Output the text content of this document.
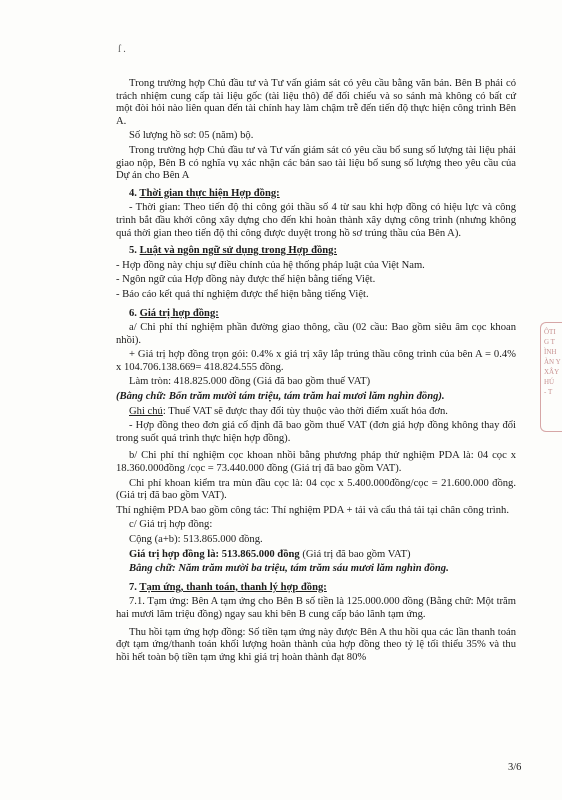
ſ .

Trong trường hợp Chủ đầu tư và Tư vấn giám sát có yêu cầu bằng văn bản. Bên B phải có trách nhiệm cung cấp tài liệu gốc (tài liệu thô) để đối chiếu và so sánh mà không có bất cứ một đòi hỏi nào liên quan đến tài chính hay làm chậm trễ đến tiến độ thực hiện công trình Bên A.

Số lượng hồ sơ: 05 (năm) bộ.

Trong trường hợp Chủ đầu tư và Tư vấn giám sát có yêu cầu bổ sung số lượng tài liệu phải giao nộp, Bên B có nghĩa vụ xác nhận các bản sao tài liệu bổ sung số lượng theo yêu cầu của Dự án cho Bên A

4. Thời gian thực hiện Hợp đồng:

- Thời gian: Theo tiến độ thi công gói thầu số 4 từ sau khi hợp đồng có hiệu lực và công trình bắt đầu khởi công xây dựng cho đến khi hoàn thành xây dựng công trình (nhưng không quá thời gian theo tiến độ thi công được duyệt trong hồ sơ trúng thầu của Bên A).

5. Luật và ngôn ngữ sử dụng trong Hợp đồng:

- Hợp đồng này chịu sự điều chỉnh của hệ thống pháp luật của Việt Nam.

- Ngôn ngữ của Hợp đồng này được thể hiện bằng tiếng Việt.

- Báo cáo kết quả thí nghiệm được thể hiện bằng tiếng Việt.

6. Giá trị hợp đồng:

a/ Chi phí thí nghiệm phần đường giao thông, cầu (02 cầu: Bao gồm siêu âm cọc khoan nhồi).

+ Giá trị hợp đồng trọn gói: 0.4% x giá trị xây lắp trúng thầu công trình của bên A = 0.4% x 104.706.138.669= 418.824.555 đồng.

Làm tròn: 418.825.000 đồng (Giá đã bao gồm thuế VAT)

(Bằng chữ: Bốn trăm mười tám triệu, tám trăm hai mươi lăm nghìn đồng).

Ghi chú: Thuế VAT sẽ được thay đổi tùy thuộc vào thời điểm xuất hóa đơn.

- Hợp đồng theo đơn giá cố định đã bao gồm thuế VAT (đơn giá hợp đồng không thay đổi trong suốt quá trình thực hiện hợp đồng).

b/ Chi phí thí nghiệm cọc khoan nhồi bằng phương pháp thử nghiệm PDA là: 04 cọc x 18.360.000đồng /cọc = 73.440.000 đồng (Giá trị đã bao gồm VAT).

Chi phí khoan kiểm tra mùn đầu cọc là: 04 cọc x 5.400.000đồng/cọc = 21.600.000 đồng. (Giá trị đã bao gồm VAT).

Thí nghiệm PDA bao gồm công tác: Thí nghiệm PDA + tải và cẩu thả tải tại chân công trình.

c/ Giá trị hợp đồng:

Cộng (a+b): 513.865.000 đồng.

Giá trị hợp đồng là: 513.865.000 đồng (Giá trị đã bao gồm VAT)

Bằng chữ: Năm trăm mười ba triệu, tám trăm sáu mươi lăm nghìn đồng.

7. Tạm ứng, thanh toán, thanh lý hợp đồng:

7.1. Tạm ứng: Bên A tạm ứng cho Bên B số tiền là 125.000.000 đồng (Bằng chữ: Một trăm hai mươi lăm triệu đồng) ngay sau khi bên B cung cấp bảo lãnh tạm ứng.

Thu hồi tạm ứng hợp đồng: Số tiền tạm ứng này được Bên A thu hồi qua các lần thanh toán đợt tạm ứng/thanh toán khối lượng hoàn thành của hợp đồng theo tỷ lệ tối thiểu 35% và thu hồi hết toàn bộ tiền tạm ứng khi giá trị hoàn thành đạt 80%

ÔTI
G T
ÌNH
ÀN Y
XÂY
HÚ
- T
3/6
